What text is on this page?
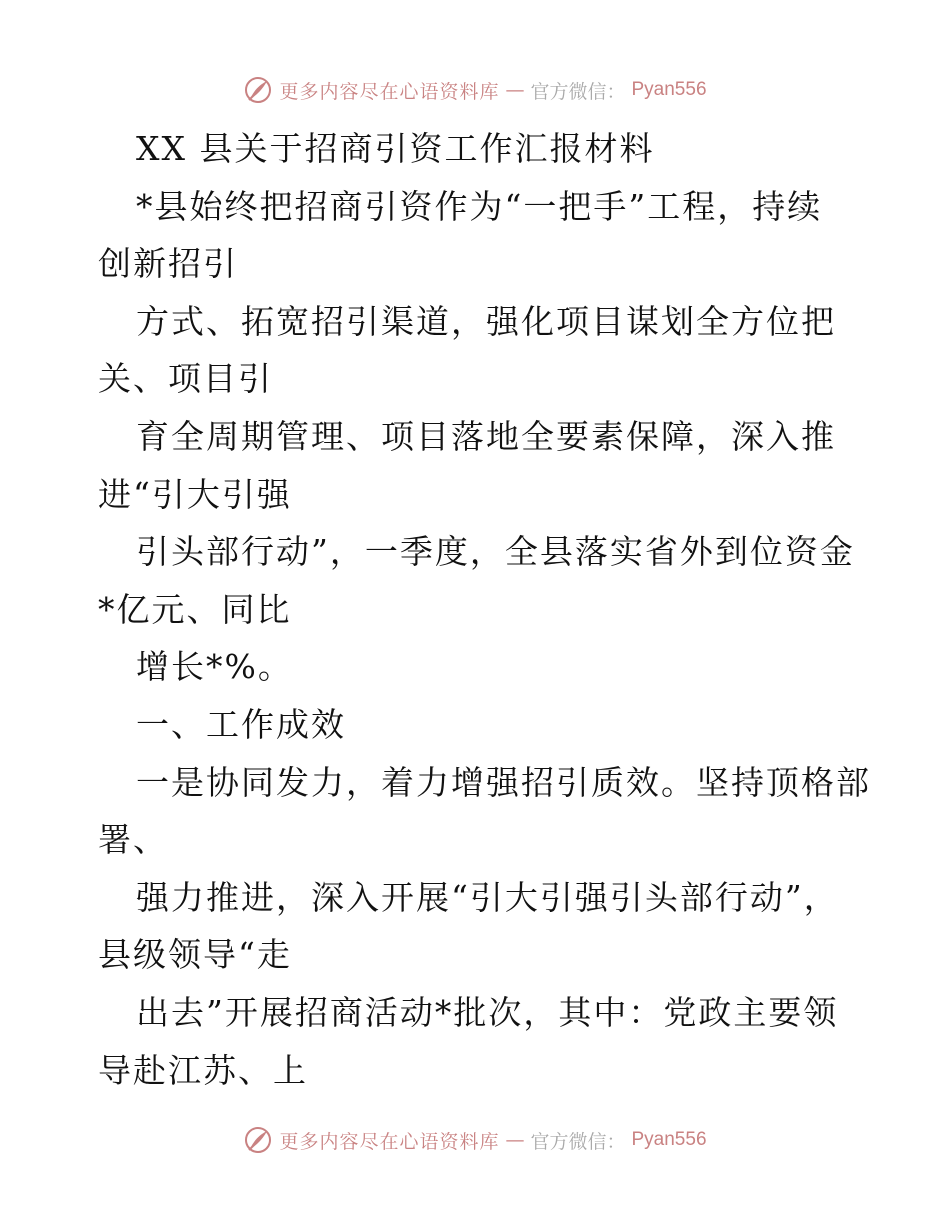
更多内容尽在心语资料库 — 官方微信： Pyan556
XX 县关于招商引资工作汇报材料
*县始终把招商引资作为“一把手”工程，持续
创新招引
方式、拓宽招引渠道，强化项目谋划全方位把
关、项目引
育全周期管理、项目落地全要素保障，深入推
进“引大引强
引头部行动”，一季度，全县落实省外到位资金
*亿元、同比
增长*%。
一、工作成效
一是协同发力，着力增强招引质效。坚持顶格部
署、
强力推进，深入开展“引大引强引头部行动”，
县级领导“走
出去”开展招商活动*批次，其中：党政主要领
导赴江苏、上
更多内容尽在心语资料库 — 官方微信： Pyan556
